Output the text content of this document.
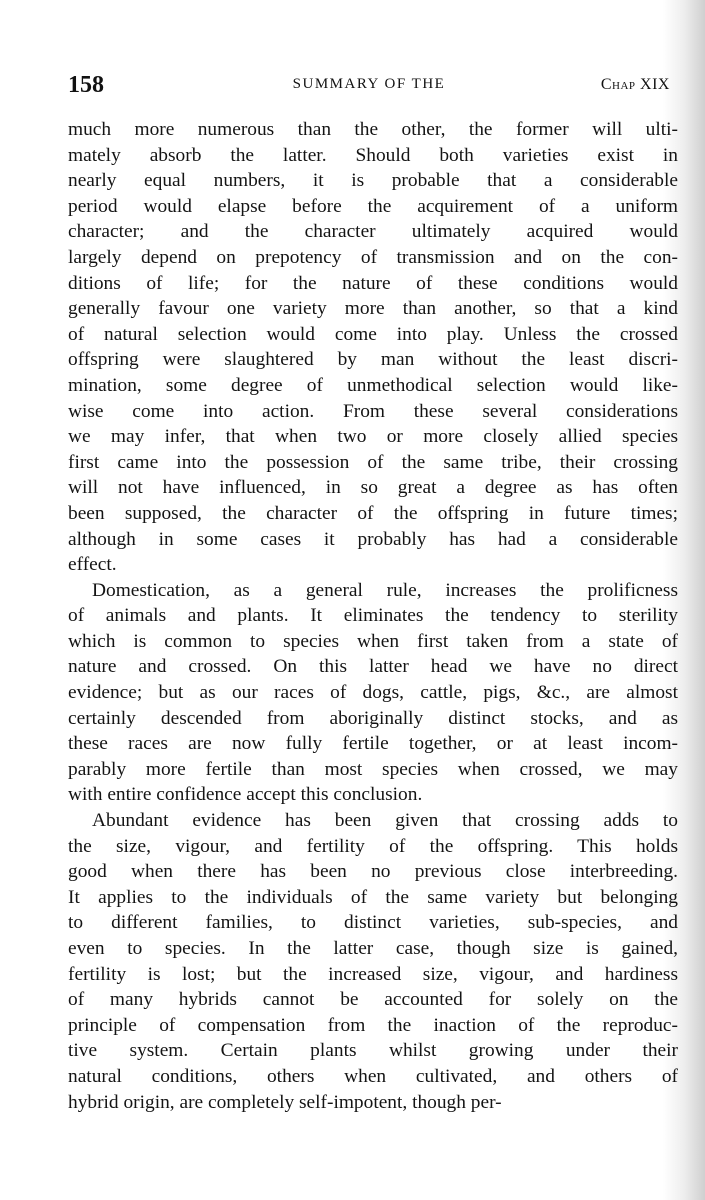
158	SUMMARY OF THE	Chap XIX
much more numerous than the other, the former will ulti-
mately absorb the latter. Should both varieties exist in
nearly equal numbers, it is probable that a considerable
period would elapse before the acquirement of a uniform
character; and the character ultimately acquired would
largely depend on prepotency of transmission and on the con-
ditions of life; for the nature of these conditions would
generally favour one variety more than another, so that a kind
of natural selection would come into play. Unless the crossed
offspring were slaughtered by man without the least discri-
mination, some degree of unmethodical selection would like-
wise come into action. From these several considerations
we may infer, that when two or more closely allied species
first came into the possession of the same tribe, their crossing
will not have influenced, in so great a degree as has often
been supposed, the character of the offspring in future times;
although in some cases it probably has had a considerable
effect.
Domestication, as a general rule, increases the prolificness
of animals and plants. It eliminates the tendency to sterility
which is common to species when first taken from a state of
nature and crossed. On this latter head we have no direct
evidence; but as our races of dogs, cattle, pigs, &c., are almost
certainly descended from aboriginally distinct stocks, and as
these races are now fully fertile together, or at least incom-
parably more fertile than most species when crossed, we may
with entire confidence accept this conclusion.
Abundant evidence has been given that crossing adds to
the size, vigour, and fertility of the offspring. This holds
good when there has been no previous close interbreeding.
It applies to the individuals of the same variety but belonging
to different families, to distinct varieties, sub-species, and
even to species. In the latter case, though size is gained,
fertility is lost; but the increased size, vigour, and hardiness
of many hybrids cannot be accounted for solely on the
principle of compensation from the inaction of the reproduc-
tive system. Certain plants whilst growing under their
natural conditions, others when cultivated, and others of
hybrid origin, are completely self-impotent, though per-
